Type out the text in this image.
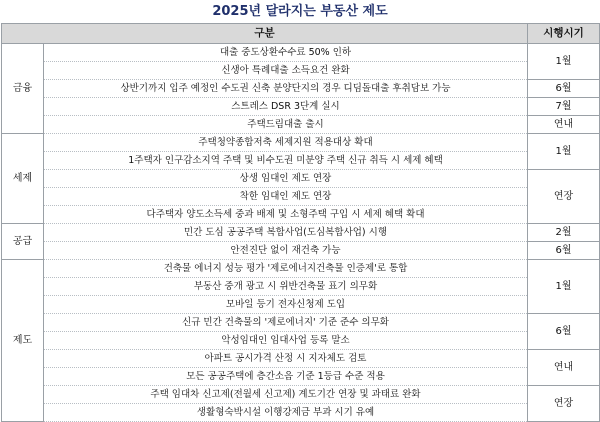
2025년 달라지는 부동산 제도
구분		시행시기
금융	대출 중도상환수수료 50% 인하	1월
	신생아 특례대출 소득요건 완화	
	상반기까지 입주 예정인 수도권 신축 분양단지의 경우 디딤돌대출 후취담보 가능	6월
	스트레스 DSR 3단계 실시	7월
	주택드림대출 출시	연내
세제	주택청약종합저축 세제지원 적용대상 확대	1월
	1주택자 인구감소지역 주택 및 비수도권 미분양 주택 신규 취득 시 세제 혜택	
	상생 임대인 제도 연장	연장
	착한 임대인 제도 연장	
	다주택자 양도소득세 중과 배제 및 소형주택 구입 시 세제 혜택 확대	
공급	민간 도심 공공주택 복합사업(도심복합사업) 시행	2월
	안전진단 없이 재건축 가능	6월
제도	건축물 에너지 성능 평가 '제로에너지건축물 인증제'로 통합	1월
	부동산 중개 광고 시 위반건축물 표기 의무화	
	모바일 등기 전자신청제 도입	
	신규 민간 건축물의 '제로에너지' 기준 준수 의무화	6월
	악성임대인 임대사업 등록 말소	
	아파트 공시가격 산정 시 지자체도 검토	연내
	모든 공공주택에 층간소음 기준 1등급 수준 적용	
	주택 임대차 신고제(전월세 신고제) 계도기간 연장 및 과태료 완화	연장
	생활형숙박시설 이행강제금 부과 시기 유예	
